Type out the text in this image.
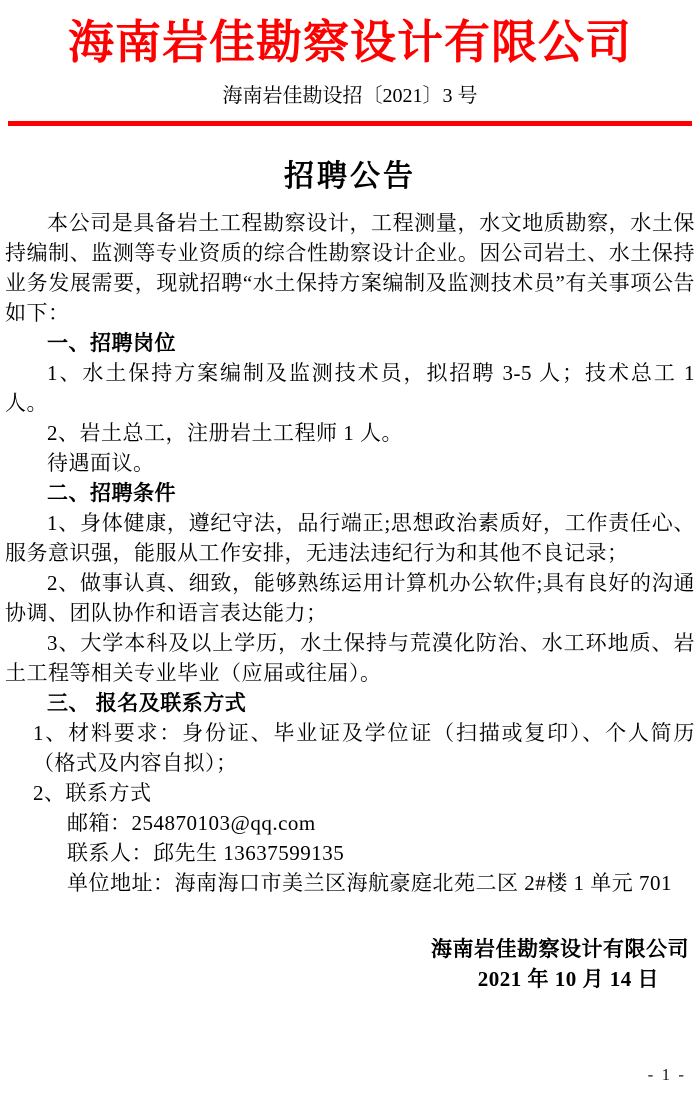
海南岩佳勘察设计有限公司
海南岩佳勘设招〔2021〕3 号
招聘公告

本公司是具备岩土工程勘察设计，工程测量，水文地质勘察，水土保持编制、监测等专业资质的综合性勘察设计企业。因公司岩土、水土保持业务发展需要，现就招聘“水土保持方案编制及监测技术员”有关事项公告如下：

一、招聘岗位

1、水土保持方案编制及监测技术员，拟招聘 3-5 人；技术总工 1 人。

2、岩土总工，注册岩土工程师 1 人。

待遇面议。

二、招聘条件

1、身体健康，遵纪守法，品行端正;思想政治素质好，工作责任心、服务意识强，能服从工作安排，无违法违纪行为和其他不良记录；

2、做事认真、细致，能够熟练运用计算机办公软件;具有良好的沟通协调、团队协作和语言表达能力；

3、大学本科及以上学历，水土保持与荒漠化防治、水工环地质、岩土工程等相关专业毕业（应届或往届）。

三、 报名及联系方式

1、材料要求：身份证、毕业证及学位证（扫描或复印）、个人简历（格式及内容自拟）；

2、联系方式

邮箱：254870103@qq.com

联系人：邱先生 13637599135

单位地址：海南海口市美兰区海航豪庭北苑二区 2#楼 1 单元 701

海南岩佳勘察设计有限公司
2021 年 10 月 14 日
- 1 -
